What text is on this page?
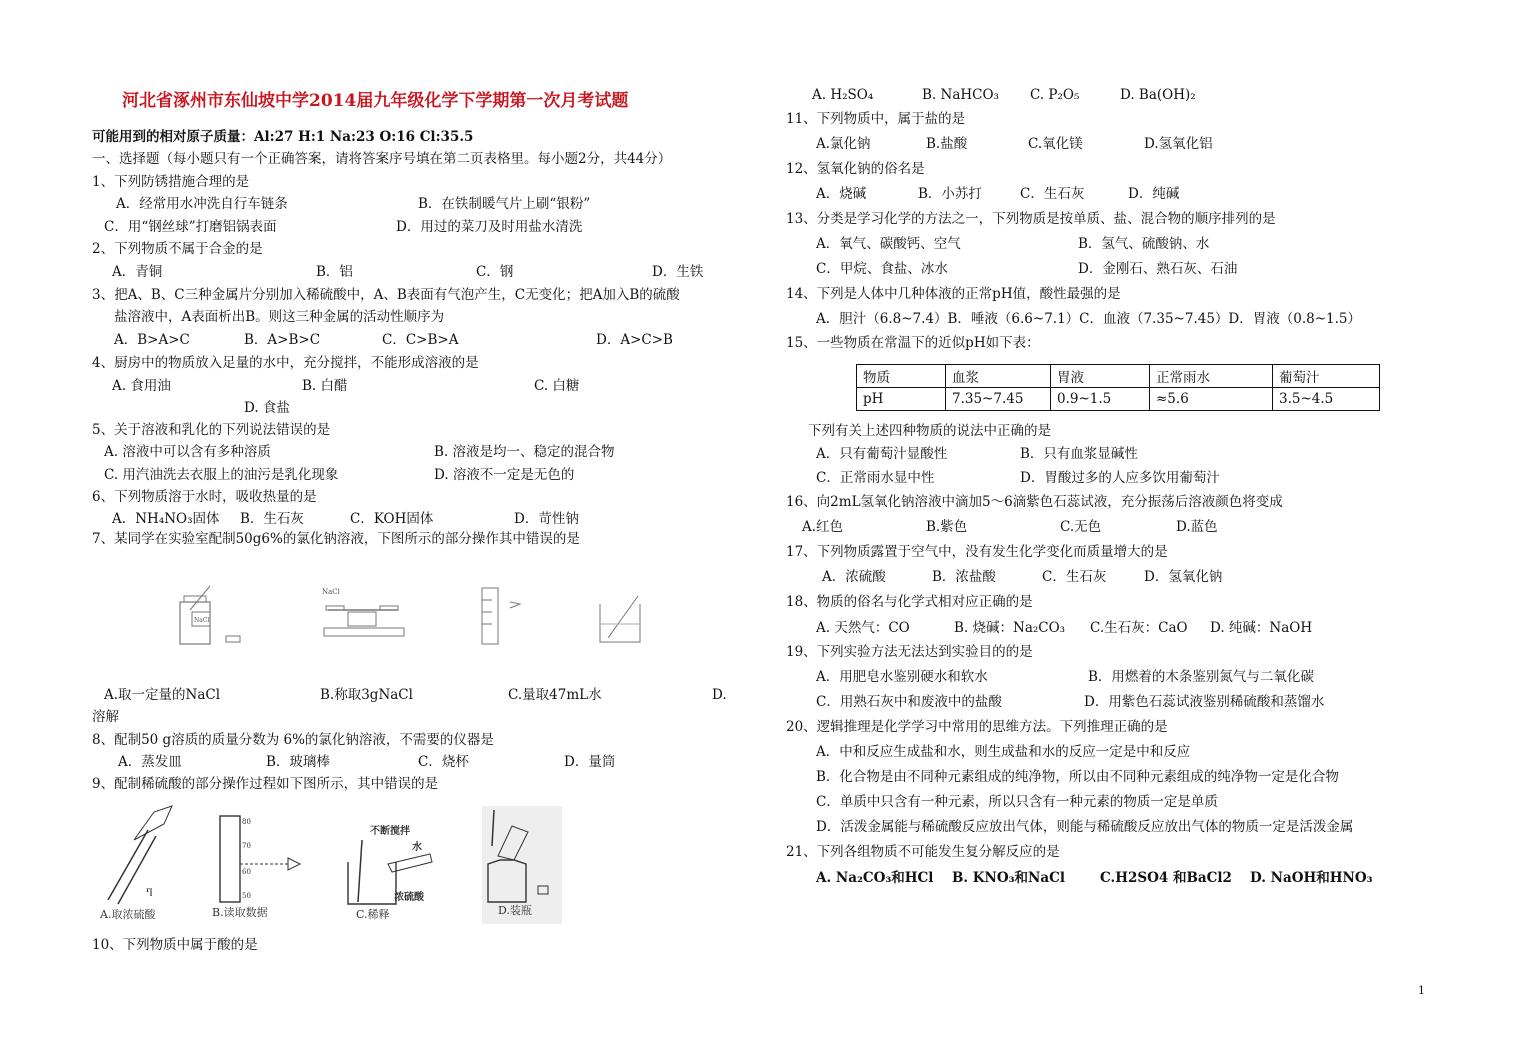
河北省涿州市东仙坡中学2014届九年级化学下学期第一次月考试题
可能用到的相对原子质量：Al:27 H:1 Na:23 O:16 Cl:35.5
一、选择题（每小题只有一个正确答案，请将答案序号填在第二页表格里。每小题2分，共44分）
1、下列防锈措施合理的是
A．经常用水冲洗自行车链条	B．在铁制暖气片上刷“银粉”
C．用“钢丝球”打磨铝锅表面	D．用过的菜刀及时用盐水清洗
2、下列物质不属于合金的是
A．青铜	B．铝	C．钢	D．生铁
3、把A、B、C三种金属片分别加入稀硫酸中，A、B表面有气泡产生，C无变化；把A加入B的硫酸
盐溶液中，A表面析出B。则这三种金属的活动性顺序为
A．B>A>C	B．A>B>C	C．C>B>A	D．A>C>B
4、厨房中的物质放入足量的水中，充分搅拌，不能形成溶液的是
A. 食用油	B. 白醋	C. 白糖
D. 食盐
5、关于溶液和乳化的下列说法错误的是
A. 溶液中可以含有多种溶质	B. 溶液是均一、稳定的混合物
C. 用汽油洗去衣服上的油污是乳化现象	D. 溶液不一定是无色的
6、下列物质溶于水时，吸收热量的是
A．NH₄NO₃固体 B．生石灰	C．KOH固体	D．苛性钠
7、某同学在实验室配制50g6%的氯化钠溶液，下图所示的部分操作其中错误的是
NaCl
NaCl
A.取一定量的NaCl	B.称取3gNaCl	C.量取47mL水	D.
溶解
8、配制50 g溶质的质量分数为 6%的氯化钠溶液，不需要的仪器是
A．蒸发皿	B．玻璃棒	C．烧杯	D．量筒
9、配制稀硫酸的部分操作过程如下图所示，其中错误的是
Ⴄ
A.取浓硫酸
80
70
60
50
B.读取数据
不断搅拌
水
浓硫酸
C.稀释	D.装瓶
10、下列物质中属于酸的是
A. H₂SO₄	B. NaHCO₃ C. P₂O₅	D. Ba(OH)₂
11、下列物质中，属于盐的是
A.氯化钠	B.盐酸	C.氧化镁	D.氢氧化铝
12、氢氧化钠的俗名是
A．烧碱	B．小苏打	C．生石灰	D．纯碱
13、分类是学习化学的方法之一，下列物质是按单质、盐、混合物的顺序排列的是
A．氧气、碳酸钙、空气	B．氢气、硫酸钠、水
C．甲烷、食盐、冰水	D．金刚石、熟石灰、石油
14、下列是人体中几种体液的正常pH值，酸性最强的是
A．胆汁（6.8~7.4）B．唾液（6.6~7.1）C．血液（7.35~7.45）D．胃液（0.8~1.5）
15、一些物质在常温下的近似pH如下表：
物质	血浆	胃液	正常雨水	葡萄汁
pH	7.35~7.45	0.9~1.5	≈5.6	3.5~4.5
下列有关上述四种物质的说法中正确的是
A．只有葡萄汁显酸性	B．只有血浆显碱性
C．正常雨水显中性	D．胃酸过多的人应多饮用葡萄汁
16、向2mL氢氧化钠溶液中滴加5～6滴紫色石蕊试液，充分振荡后溶液颜色将变成
A.红色	B.紫色	C.无色	D.蓝色
17、下列物质露置于空气中，没有发生化学变化而质量增大的是
A．浓硫酸	B．浓盐酸	C．生石灰	D．氢氧化钠
18、物质的俗名与化学式相对应正确的是
A. 天然气：CO	B. 烧碱：Na₂CO₃ C.生石灰：CaO D. 纯碱：NaOH
19、下列实验方法无法达到实验目的的是
A．用肥皂水鉴别硬水和软水	B．用燃着的木条鉴别氮气与二氧化碳
C．用熟石灰中和废液中的盐酸	D．用紫色石蕊试液鉴别稀硫酸和蒸馏水
20、逻辑推理是化学学习中常用的思维方法。下列推理正确的是
A．中和反应生成盐和水，则生成盐和水的反应一定是中和反应
B．化合物是由不同种元素组成的纯净物，所以由不同种元素组成的纯净物一定是化合物
C．单质中只含有一种元素，所以只含有一种元素的物质一定是单质
D．活泼金属能与稀硫酸反应放出气体，则能与稀硫酸反应放出气体的物质一定是活泼金属
21、下列各组物质不可能发生复分解反应的是
A. Na₂CO₃和HCl B. KNO₃和NaCl	C.H2SO4 和BaCl2 D. NaOH和HNO₃
1
